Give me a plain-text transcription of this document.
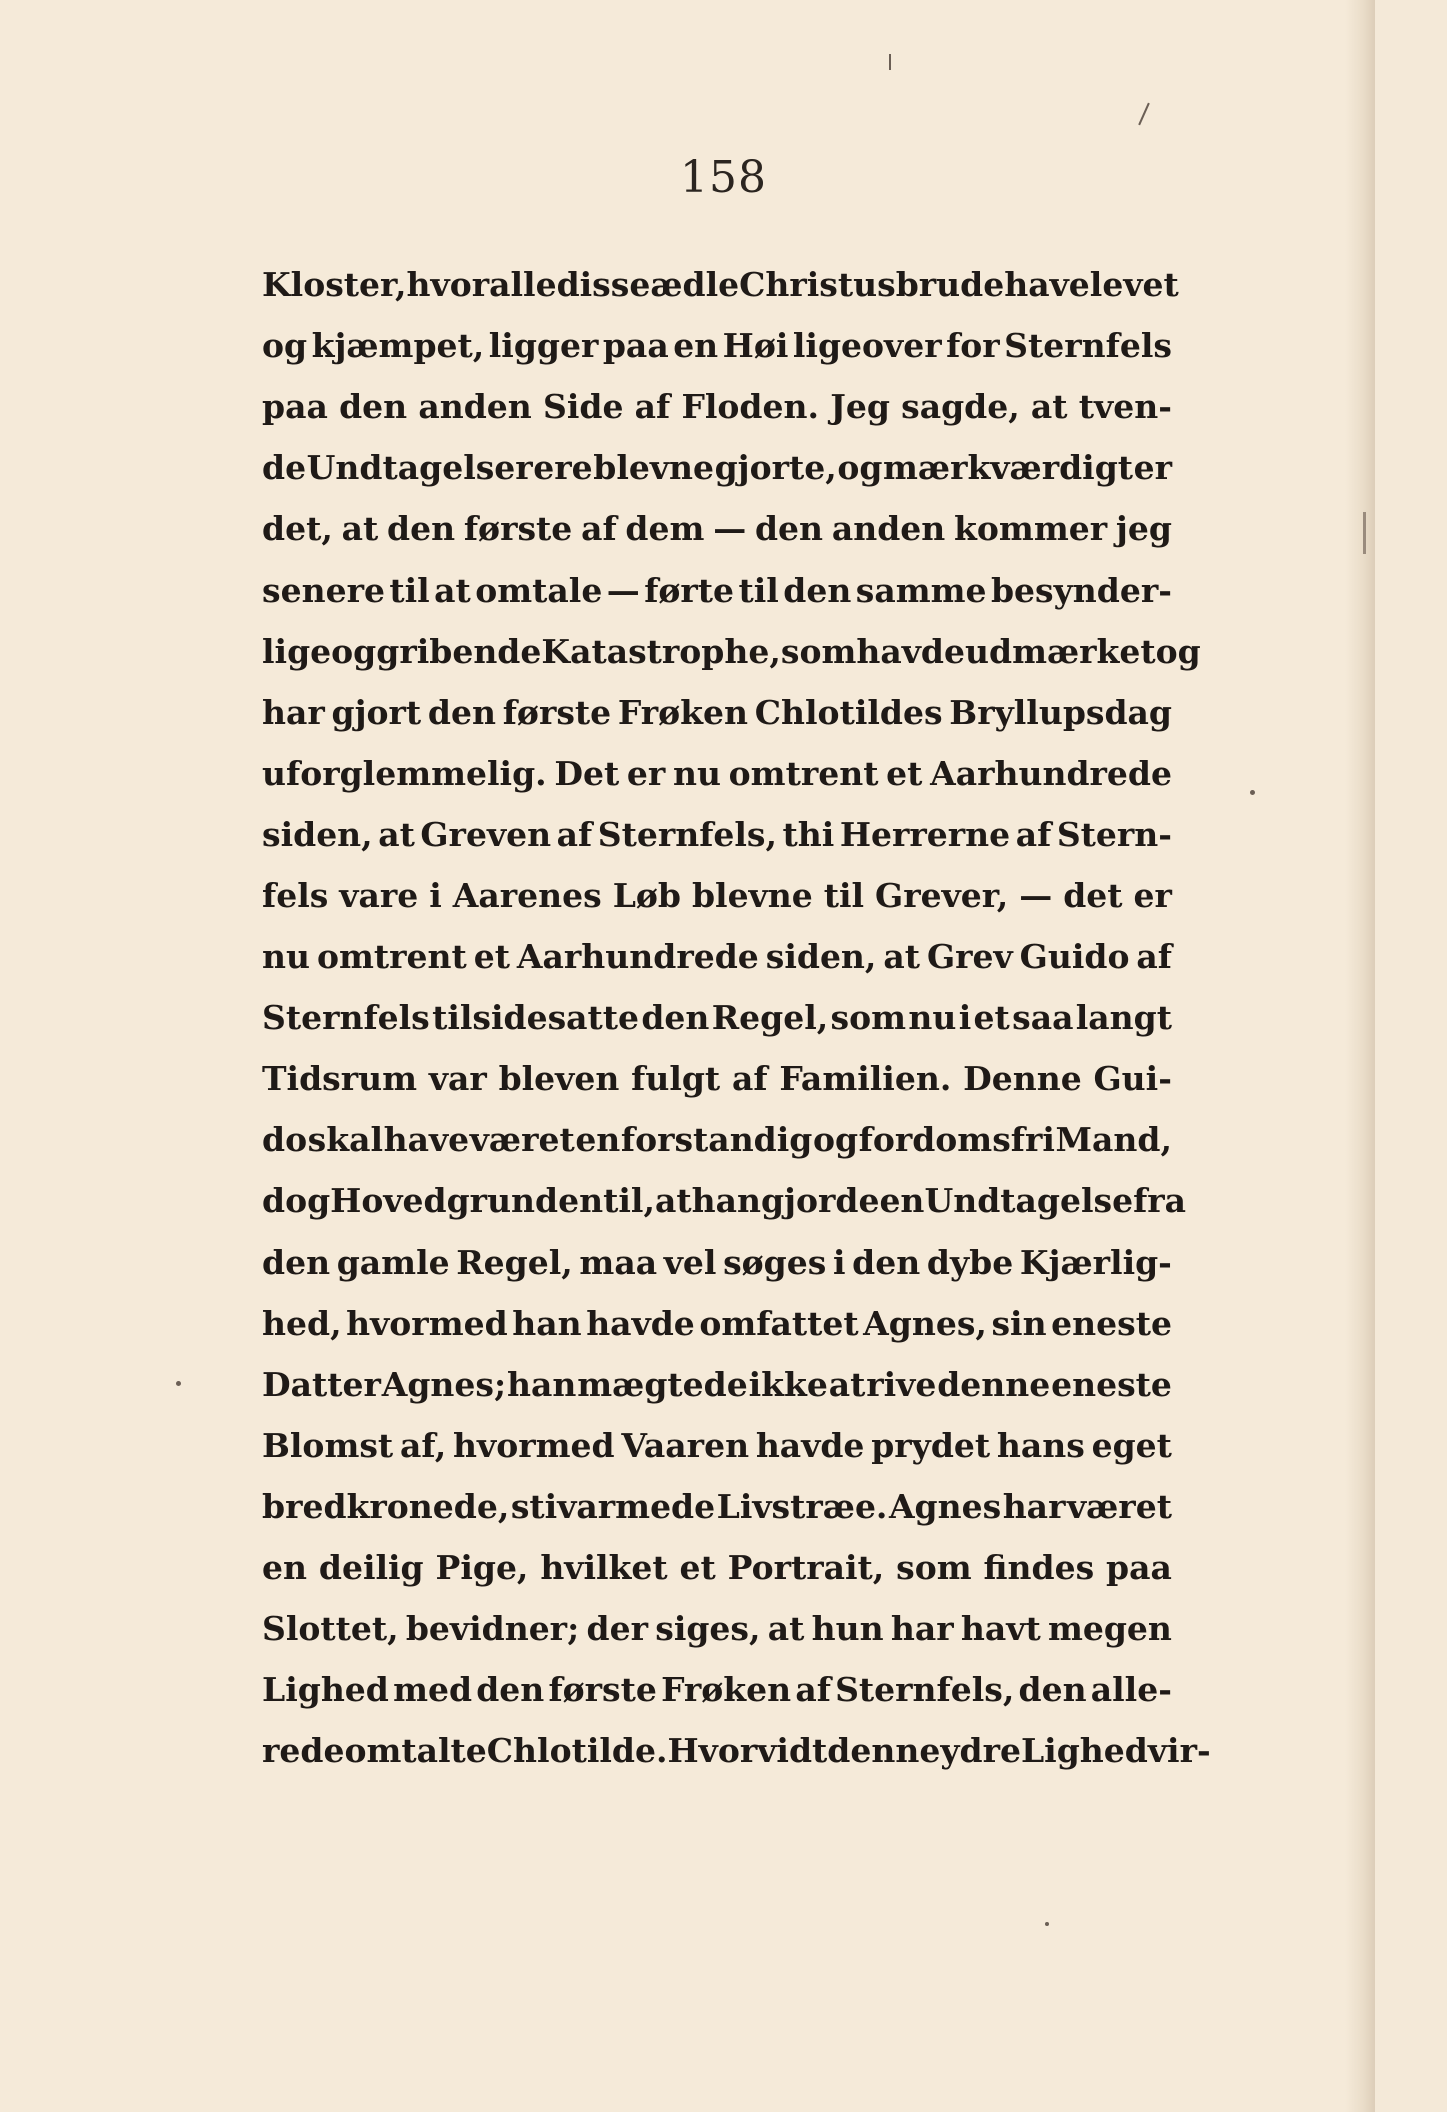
158
Kloster, hvor alle disse ædle Christusbrude have levet
og kjæmpet, ligger paa en Høi ligeover for Sternfels
paa den anden Side af Floden. Jeg sagde, at tven-
de Undtagelser ere blevne gjorte, og mærkværdigt er
det, at den første af dem — den anden kommer jeg
senere til at omtale — førte til den samme besynder-
lige og gribende Katastrophe, som havde udmærket og
har gjort den første Frøken Chlotildes Bryllupsdag
uforglemmelig. Det er nu omtrent et Aarhundrede
siden, at Greven af Sternfels, thi Herrerne af Stern-
fels vare i Aarenes Løb blevne til Grever, — det er
nu omtrent et Aarhundrede siden, at Grev Guido af
Sternfels tilsidesatte den Regel, som nu i et saa langt
Tidsrum var bleven fulgt af Familien. Denne Gui-
do skal have været en forstandig og fordomsfri Mand,
dog Hovedgrunden til, at han gjorde en Undtagelse fra
den gamle Regel, maa vel søges i den dybe Kjærlig-
hed, hvormed han havde omfattet Agnes, sin eneste
Datter Agnes; han mægtede ikke at rive denne eneste
Blomst af, hvormed Vaaren havde prydet hans eget
bredkronede, stivarmede Livstræe. Agnes har været
en deilig Pige, hvilket et Portrait, som findes paa
Slottet, bevidner; der siges, at hun har havt megen
Lighed med den første Frøken af Sternfels, den alle-
rede omtalte Chlotilde. Hvorvidt denne ydre Lighed vir-
